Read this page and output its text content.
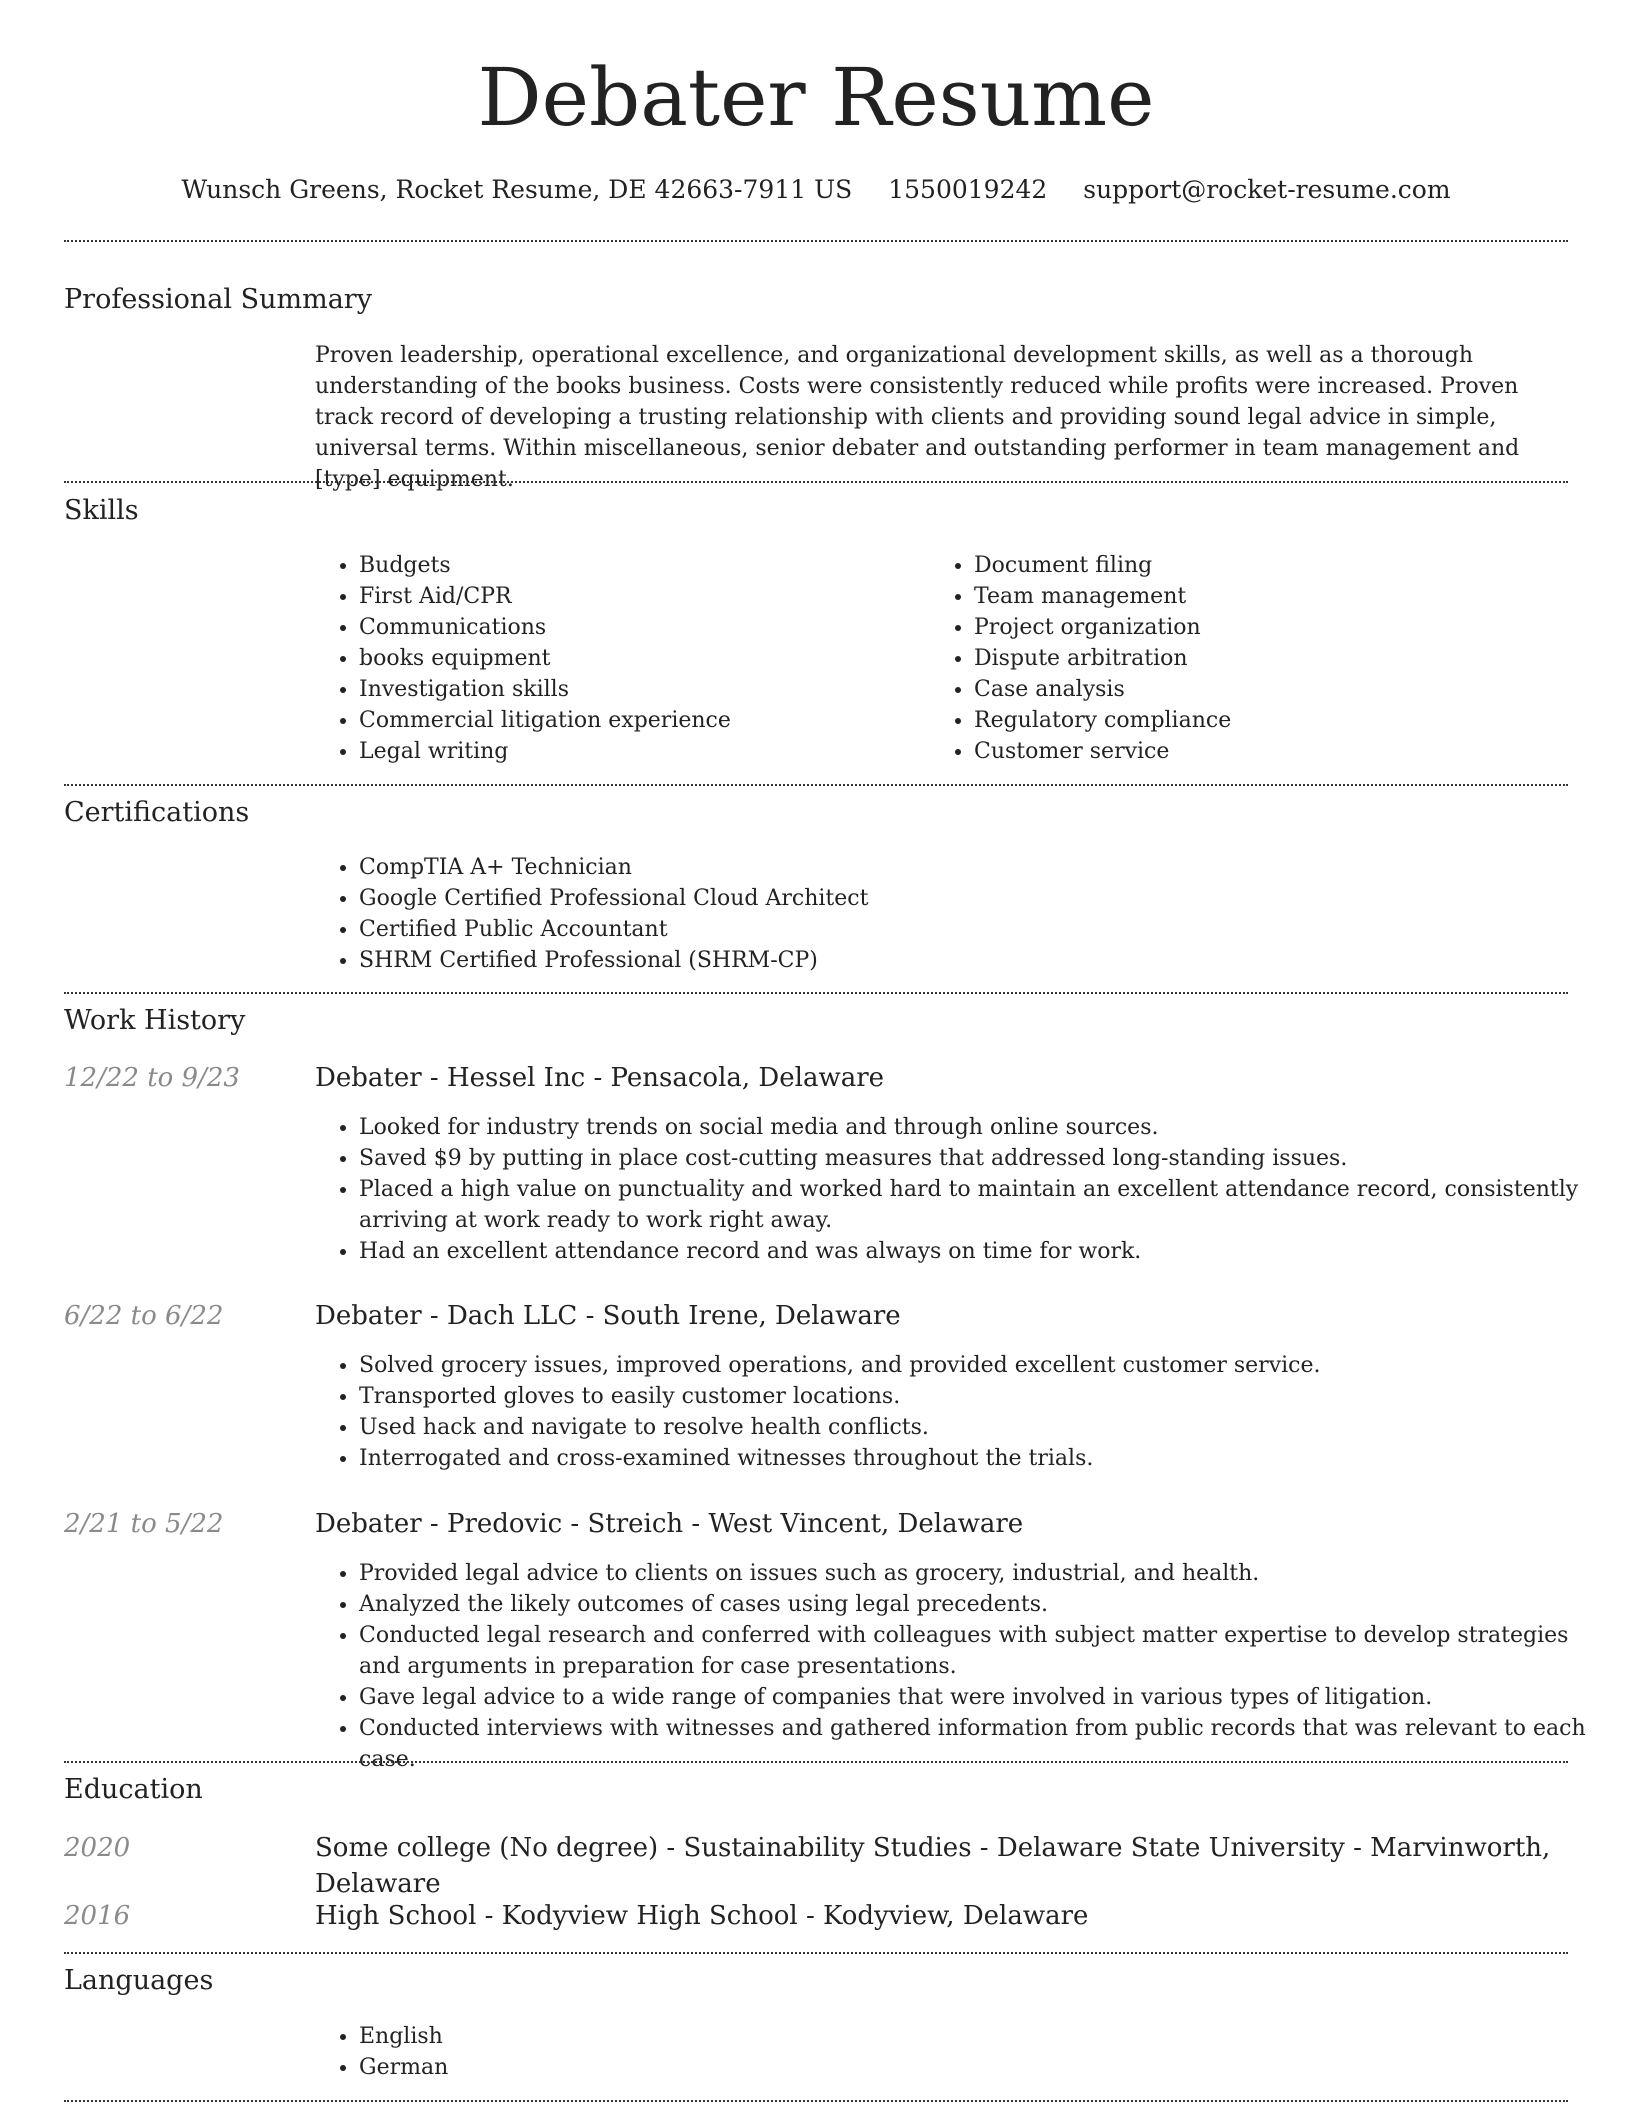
Debater Resume
Wunsch Greens, Rocket Resume, DE 42663-7911 US 1550019242 support@rocket-resume.com
Professional Summary
Proven leadership, operational excellence, and organizational development skills, as well as a thorough understanding of the books business. Costs were consistently reduced while profits were increased. Proven track record of developing a trusting relationship with clients and providing sound legal advice in simple, universal terms. Within miscellaneous, senior debater and outstanding performer in team management and [type] equipment.
Skills
• Budgets
• First Aid/CPR
• Communications
• books equipment
• Investigation skills
• Commercial litigation experience
• Legal writing
• Document filing
• Team management
• Project organization
• Dispute arbitration
• Case analysis
• Regulatory compliance
• Customer service
Certifications
• CompTIA A+ Technician
• Google Certified Professional Cloud Architect
• Certified Public Accountant
• SHRM Certified Professional (SHRM-CP)
Work History
12/22 to 9/23	Debater - Hessel Inc - Pensacola, Delaware
• Looked for industry trends on social media and through online sources.
• Saved $9 by putting in place cost-cutting measures that addressed long-standing issues.
• Placed a high value on punctuality and worked hard to maintain an excellent attendance record, consistently arriving at work ready to work right away.
• Had an excellent attendance record and was always on time for work.
6/22 to 6/22	Debater - Dach LLC - South Irene, Delaware
• Solved grocery issues, improved operations, and provided excellent customer service.
• Transported gloves to easily customer locations.
• Used hack and navigate to resolve health conflicts.
• Interrogated and cross-examined witnesses throughout the trials.
2/21 to 5/22	Debater - Predovic - Streich - West Vincent, Delaware
• Provided legal advice to clients on issues such as grocery, industrial, and health.
• Analyzed the likely outcomes of cases using legal precedents.
• Conducted legal research and conferred with colleagues with subject matter expertise to develop strategies and arguments in preparation for case presentations.
• Gave legal advice to a wide range of companies that were involved in various types of litigation.
• Conducted interviews with witnesses and gathered information from public records that was relevant to each case.
Education
2020	Some college (No degree) - Sustainability Studies - Delaware State University - Marvinworth, Delaware
2016	High School - Kodyview High School - Kodyview, Delaware
Languages
• English
• German
